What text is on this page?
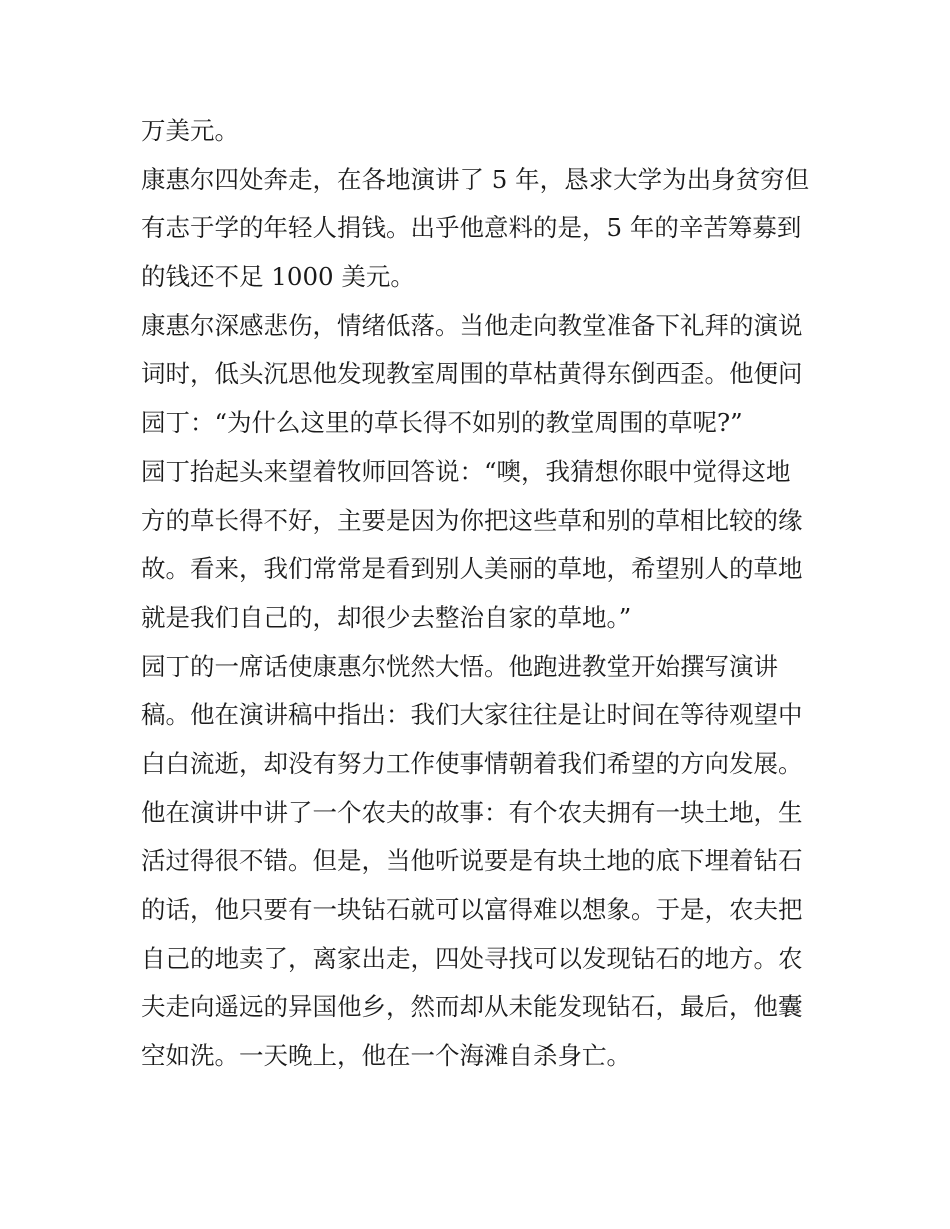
万美元。
康惠尔四处奔走，在各地演讲了 5 年，恳求大学为出身贫穷但
有志于学的年轻人捐钱。出乎他意料的是，5 年的辛苦筹募到
的钱还不足 1000 美元。
康惠尔深感悲伤，情绪低落。当他走向教堂准备下礼拜的演说
词时，低头沉思他发现教室周围的草枯黄得东倒西歪。他便问
园丁：“为什么这里的草长得不如别的教堂周围的草呢?”
园丁抬起头来望着牧师回答说：“噢，我猜想你眼中觉得这地
方的草长得不好，主要是因为你把这些草和别的草相比较的缘
故。看来，我们常常是看到别人美丽的草地，希望别人的草地
就是我们自己的，却很少去整治自家的草地。”
园丁的一席话使康惠尔恍然大悟。他跑进教堂开始撰写演讲
稿。他在演讲稿中指出：我们大家往往是让时间在等待观望中
白白流逝，却没有努力工作使事情朝着我们希望的方向发展。
他在演讲中讲了一个农夫的故事：有个农夫拥有一块土地，生
活过得很不错。但是，当他听说要是有块土地的底下埋着钻石
的话，他只要有一块钻石就可以富得难以想象。于是，农夫把
自己的地卖了，离家出走，四处寻找可以发现钻石的地方。农
夫走向遥远的异国他乡，然而却从未能发现钻石，最后，他囊
空如洗。一天晚上，他在一个海滩自杀身亡。
